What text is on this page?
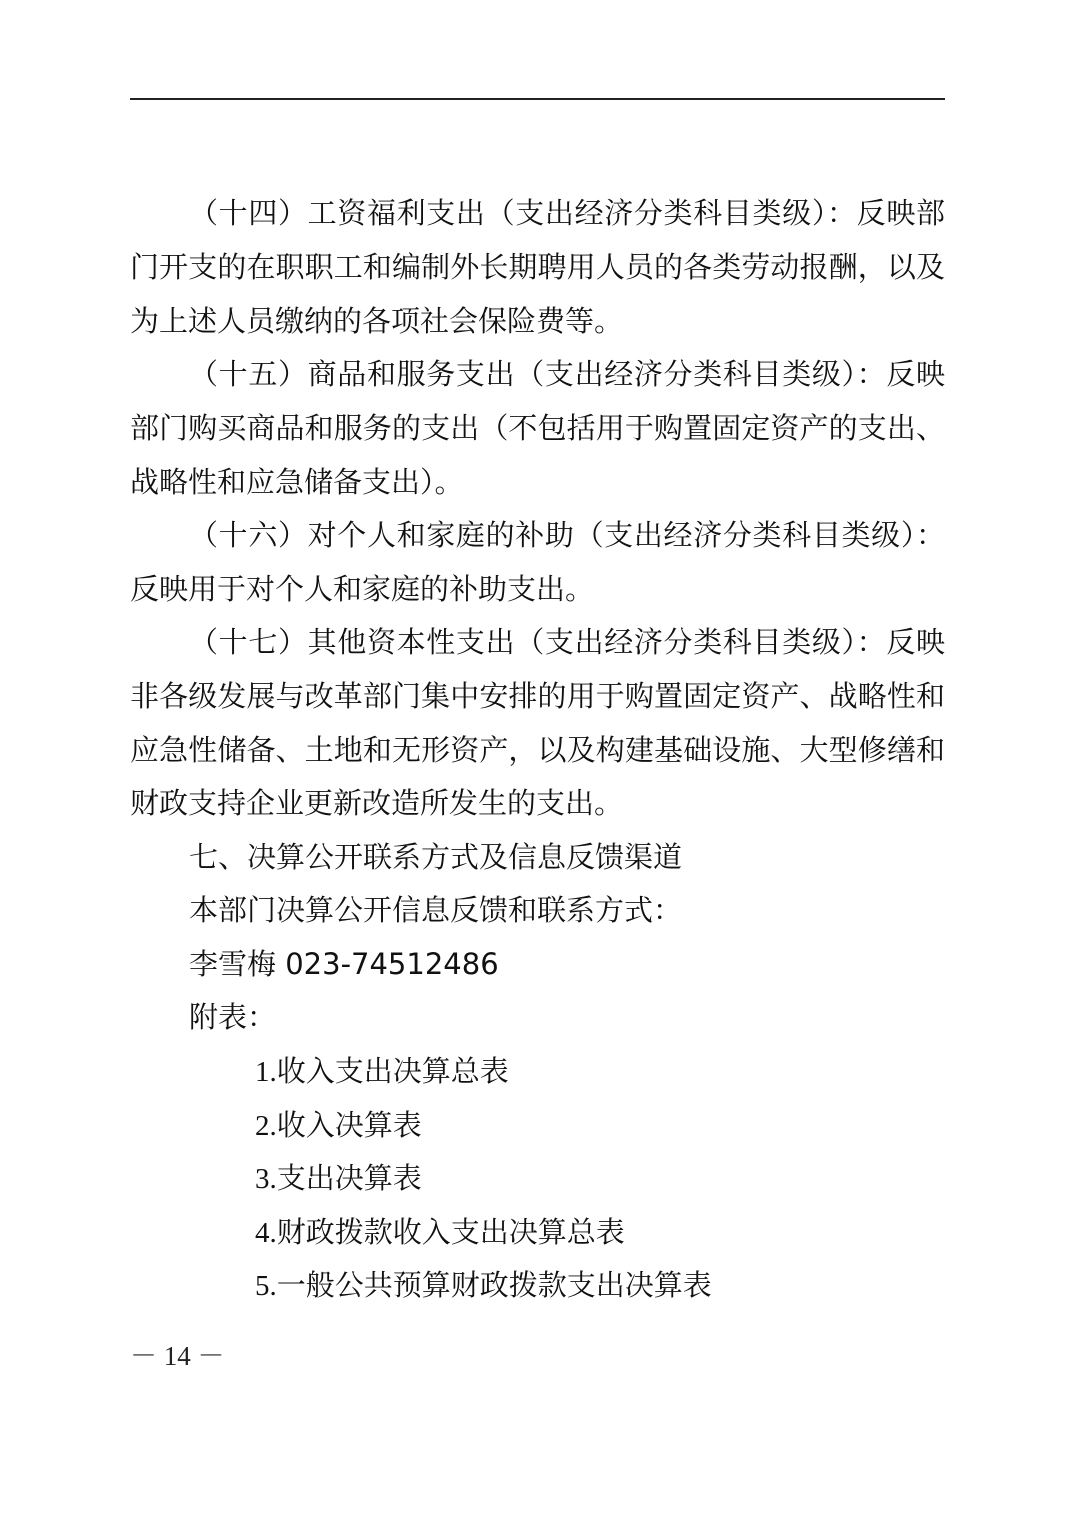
（十四）工资福利支出（支出经济分类科目类级）：反映部
门开支的在职职工和编制外长期聘用人员的各类劳动报酬，以及
为上述人员缴纳的各项社会保险费等。
（十五）商品和服务支出（支出经济分类科目类级）：反映
部门购买商品和服务的支出（不包括用于购置固定资产的支出、
战略性和应急储备支出）。
（十六）对个人和家庭的补助（支出经济分类科目类级）：
反映用于对个人和家庭的补助支出。
（十七）其他资本性支出（支出经济分类科目类级）：反映
非各级发展与改革部门集中安排的用于购置固定资产、战略性和
应急性储备、土地和无形资产，以及构建基础设施、大型修缮和
财政支持企业更新改造所发生的支出。
七、决算公开联系方式及信息反馈渠道
本部门决算公开信息反馈和联系方式：
李雪梅 023-74512486
附表：
1.收入支出决算总表
2.收入决算表
3.支出决算表
4.财政拨款收入支出决算总表
5.一般公共预算财政拨款支出决算表
－ 14 －
